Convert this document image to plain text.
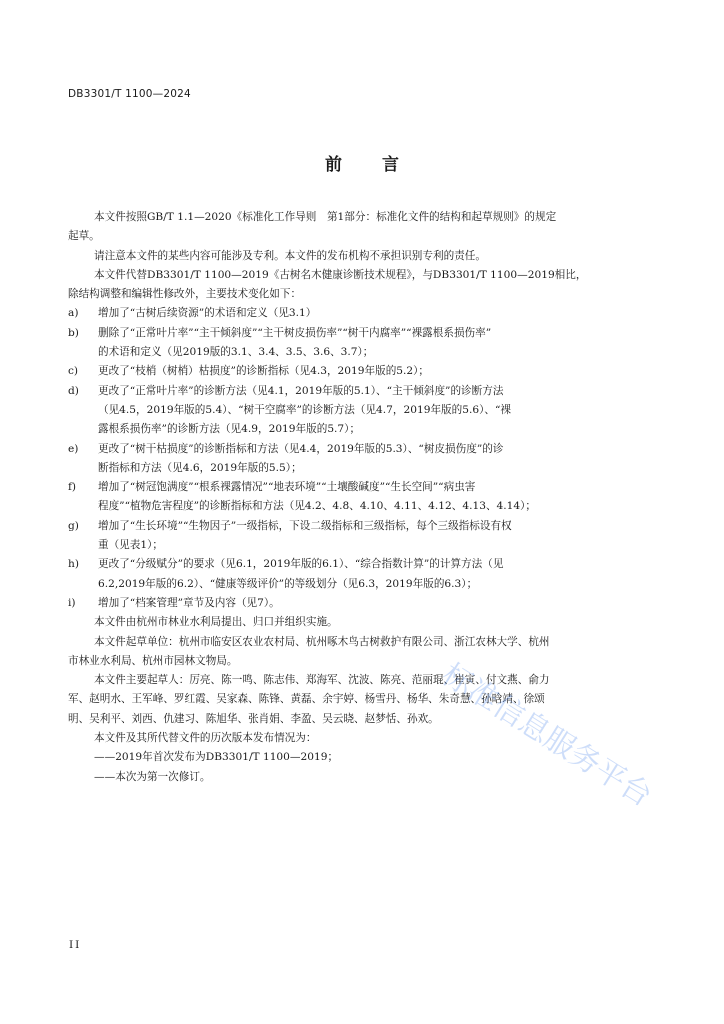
DB3301/T 1100—2024
前言
本文件按照GB/T 1.1—2020《标准化工作导则　第1部分：标准化文件的结构和起草规则》的规定
起草。
请注意本文件的某些内容可能涉及专利。本文件的发布机构不承担识别专利的责任。
本文件代替DB3301/T 1100—2019《古树名木健康诊断技术规程》，与DB3301/T 1100—2019相比，
除结构调整和编辑性修改外，主要技术变化如下：
a)	增加了“古树后续资源”的术语和定义（见3.1）
b)	删除了“正常叶片率”“主干倾斜度”“主干树皮损伤率”“树干内腐率”“裸露根系损伤率”
的术语和定义（见2019版的3.1、3.4、3.5、3.6、3.7）；
c)	更改了“枝梢（树梢）枯损度”的诊断指标（见4.3，2019年版的5.2）；
d)	更改了“正常叶片率”的诊断方法（见4.1，2019年版的5.1）、“主干倾斜度”的诊断方法
（见4.5，2019年版的5.4）、“树干空腐率”的诊断方法（见4.7，2019年版的5.6）、“裸
露根系损伤率”的诊断方法（见4.9，2019年版的5.7）；
e)	更改了“树干枯损度”的诊断指标和方法（见4.4，2019年版的5.3）、“树皮损伤度”的诊
断指标和方法（见4.6，2019年版的5.5）；
f)	增加了“树冠饱满度”“根系裸露情况”“地表环境”“土壤酸碱度”“生长空间”“病虫害
程度”“植物危害程度”的诊断指标和方法（见4.2、4.8、4.10、4.11、4.12、4.13、4.14）；
g)	增加了“生长环境”“生物因子”一级指标，下设二级指标和三级指标，每个三级指标设有权
重（见表1）；
h)	更改了“分级赋分”的要求（见6.1，2019年版的6.1）、“综合指数计算”的计算方法（见
6.2,2019年版的6.2）、“健康等级评价”的等级划分（见6.3，2019年版的6.3）；
i)	增加了“档案管理”章节及内容（见7）。
本文件由杭州市林业水利局提出、归口并组织实施。
本文件起草单位：杭州市临安区农业农村局、杭州啄木鸟古树救护有限公司、浙江农林大学、杭州
市林业水利局、杭州市园林文物局。
本文件主要起草人：厉亮、陈一鸣、陈志伟、郑海军、沈波、陈亮、范丽琨、崔寅、付文燕、俞力
军、赵明水、王军峰、罗红霞、吴家森、陈锋、黄磊、余宇婷、杨雪丹、杨华、朱奇慧、孙晗靖、徐颂
明、吴利平、刘西、仇建习、陈旭华、张肖娟、李盈、吴云晓、赵梦恬、孙欢。
本文件及其所代替文件的历次版本发布情况为：
——2019年首次发布为DB3301/T 1100—2019；
——本次为第一次修订。	标准信息服务平台
II
